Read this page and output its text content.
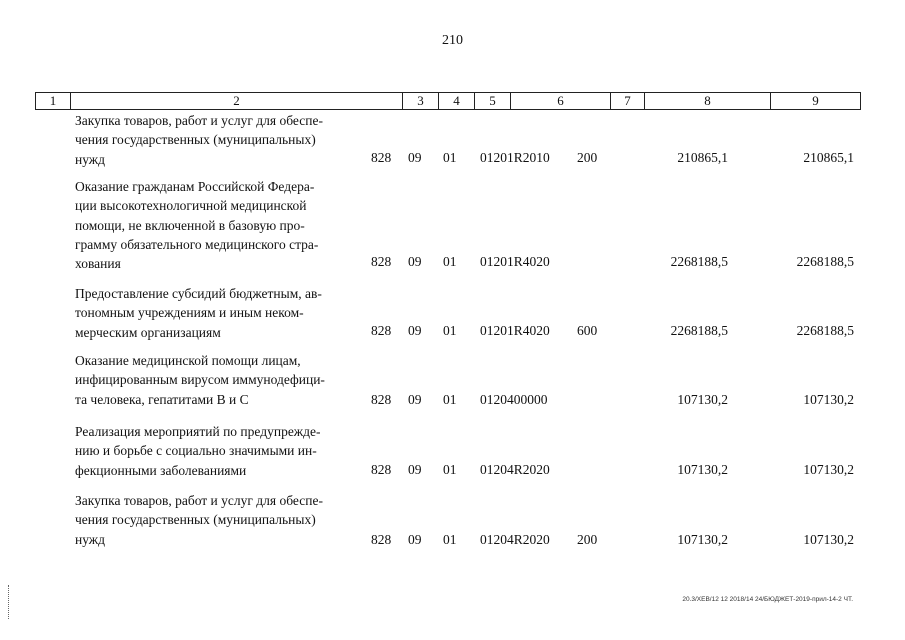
210
1	2	3	4	5	6	7	8	9
Закупка товаров, работ и услуг для обеспе-
чения государственных (муниципальных)
нужд	828 09 01 01201R2010 200	210865,1	210865,1
Оказание гражданам Российской Федера-
ции высокотехнологичной медицинской
помощи, не включенной в базовую про-
грамму обязательного медицинского стра-
хования	828 09 01 01201R4020	2268188,5	2268188,5
Предоставление субсидий бюджетным, ав-
тономным учреждениям и иным неком-
мерческим организациям	828 09 01 01201R4020 600	2268188,5	2268188,5
Оказание медицинской помощи лицам,
инфицированным вирусом иммунодефици-
та человека, гепатитами B и C	828 09 01 0120400000	107130,2	107130,2
Реализация мероприятий по предупрежде-
нию и борьбе с социально значимыми ин-
фекционными заболеваниями	828 09 01 01204R2020	107130,2	107130,2
Закупка товаров, работ и услуг для обеспе-
чения государственных (муниципальных)
нужд	828 09 01 01204R2020 200	107130,2	107130,2
20.3/ХЕВ/12 12 2018/14 24/БЮДЖЕТ-2019-прил-14-2 ЧТ.
